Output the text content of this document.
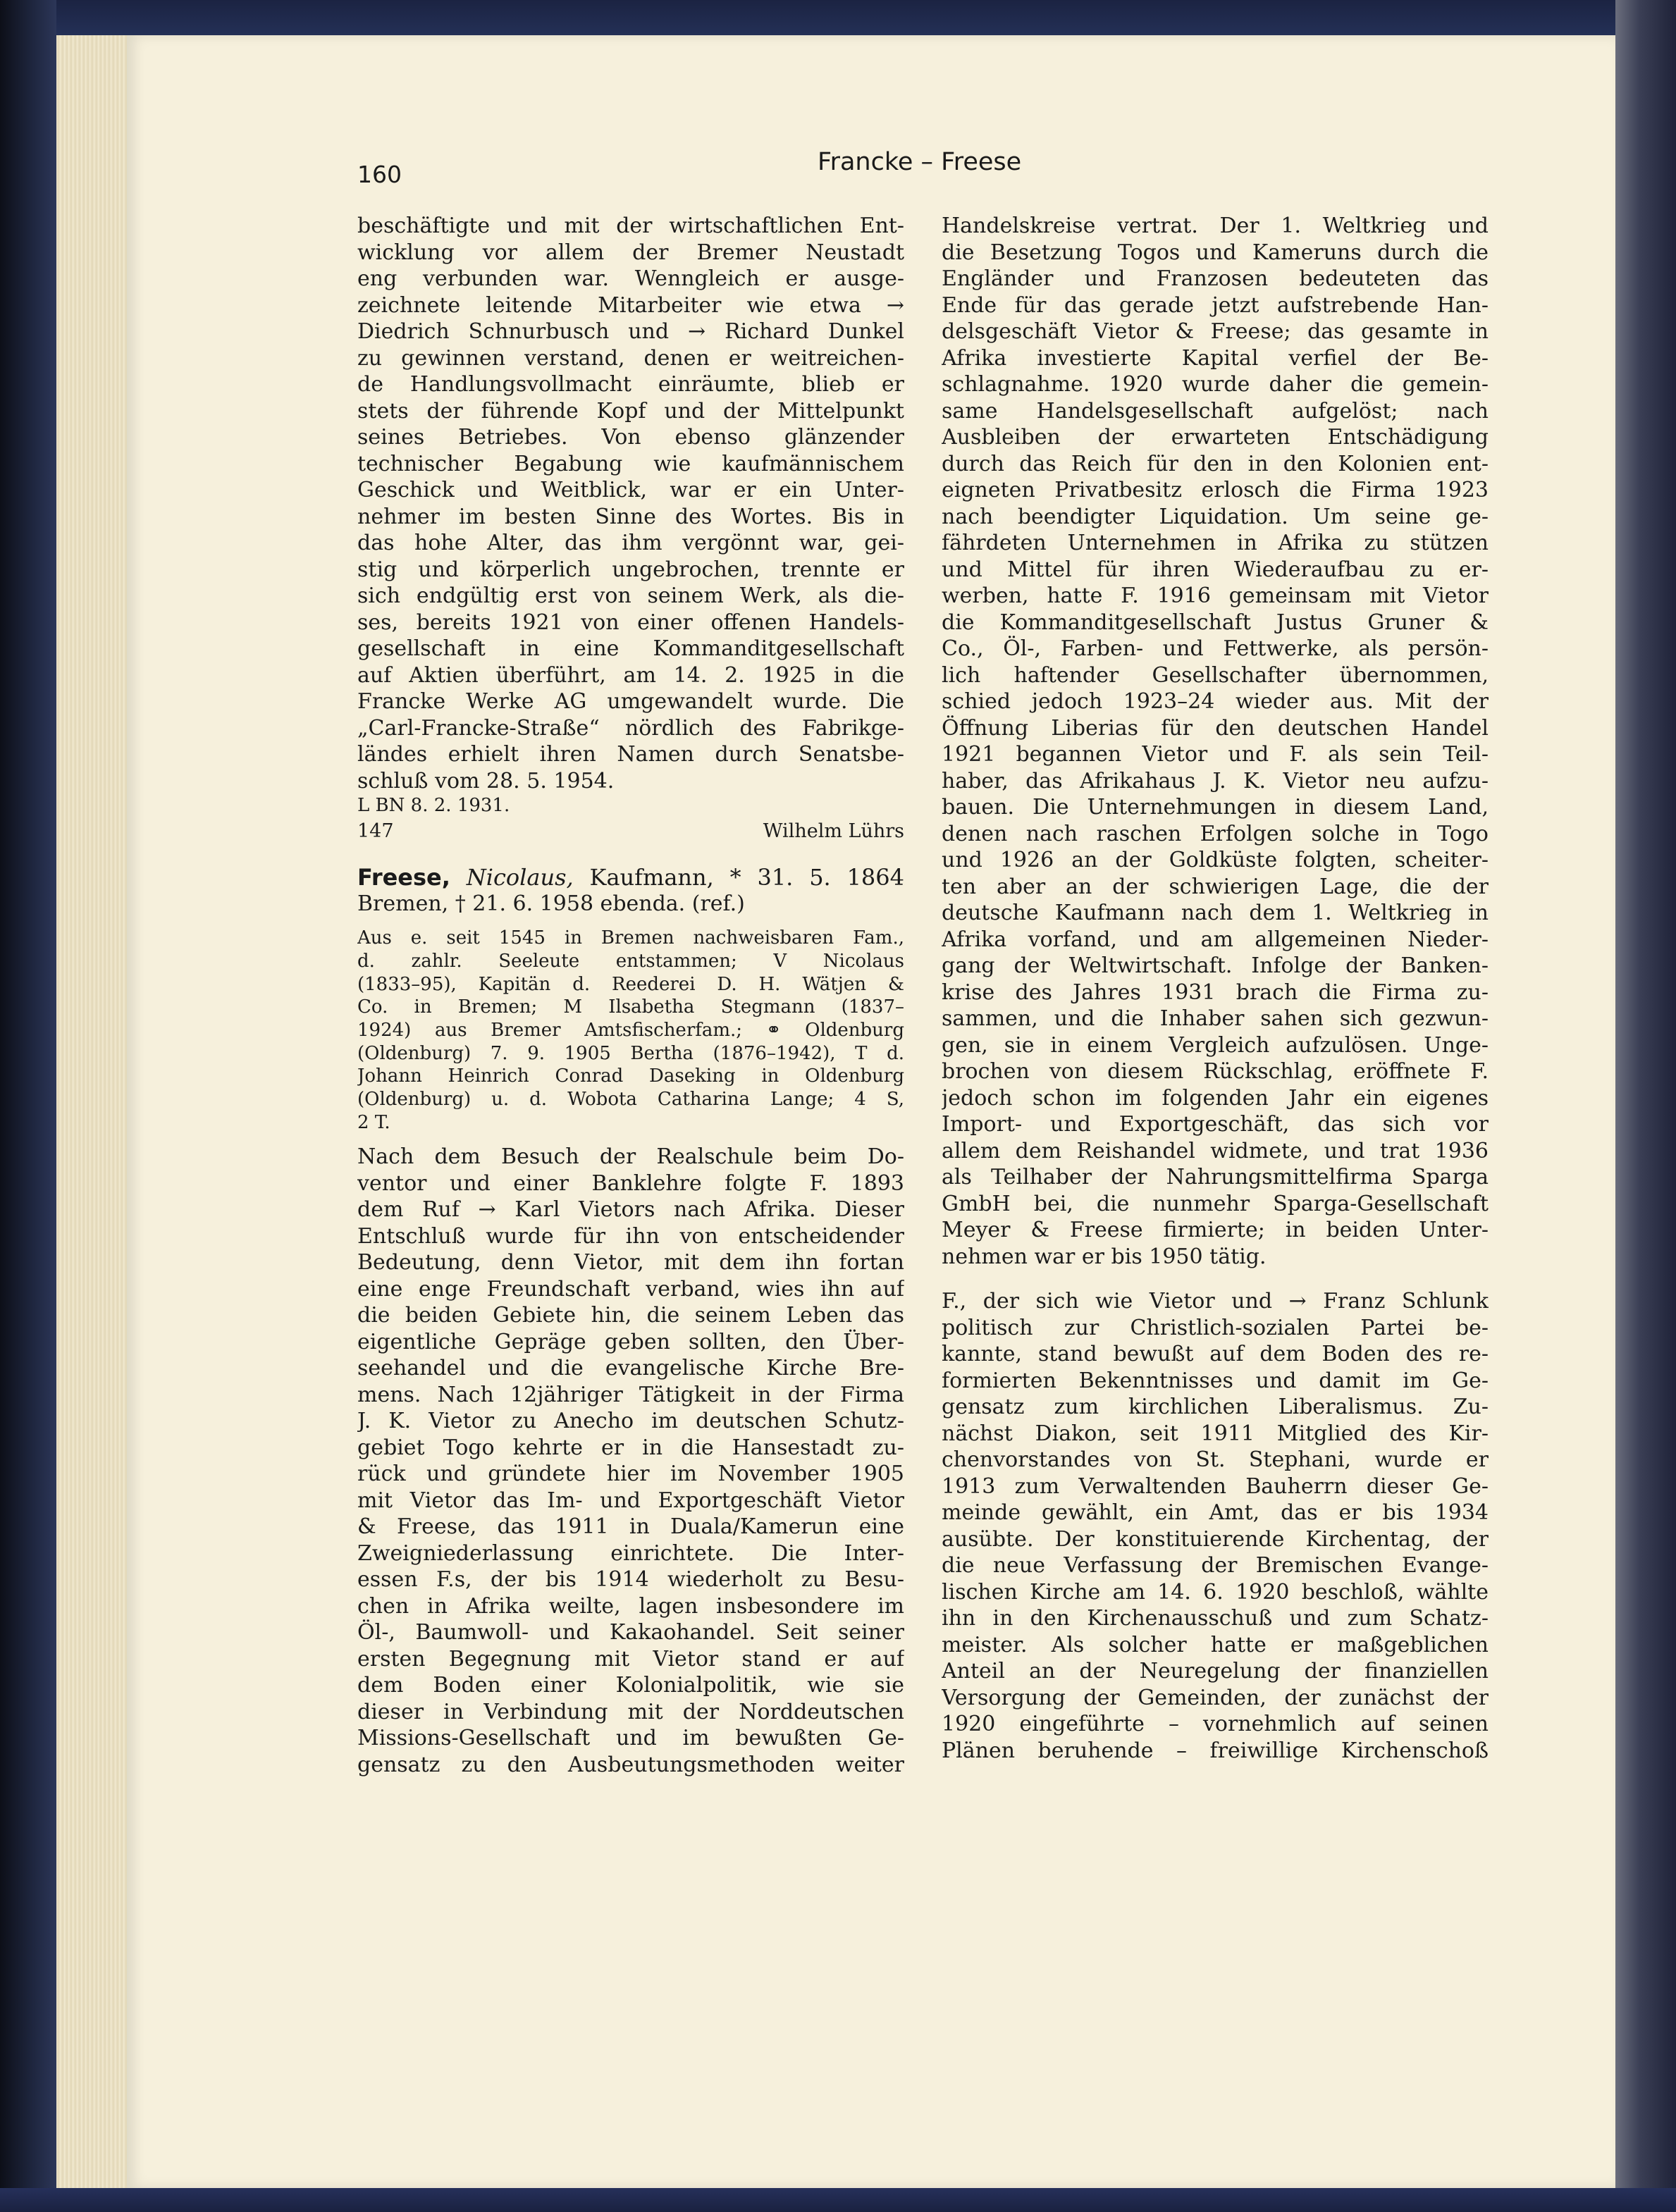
160	Francke – Freese
beschäftigte und mit der wirtschaftlichen Ent-
wicklung vor allem der Bremer Neustadt
eng verbunden war. Wenngleich er ausge-
zeichnete leitende Mitarbeiter wie etwa →
Diedrich Schnurbusch und → Richard Dunkel
zu gewinnen verstand, denen er weitreichen-
de Handlungsvollmacht einräumte, blieb er
stets der führende Kopf und der Mittelpunkt
seines Betriebes. Von ebenso glänzender
technischer Begabung wie kaufmännischem
Geschick und Weitblick, war er ein Unter-
nehmer im besten Sinne des Wortes. Bis in
das hohe Alter, das ihm vergönnt war, gei-
stig und körperlich ungebrochen, trennte er
sich endgültig erst von seinem Werk, als die-
ses, bereits 1921 von einer offenen Handels-
gesellschaft in eine Kommanditgesellschaft
auf Aktien überführt, am 14. 2. 1925 in die
Francke Werke AG umgewandelt wurde. Die
„Carl-Francke-Straße“ nördlich des Fabrikge-
ländes erhielt ihren Namen durch Senatsbe-
schluß vom 28. 5. 1954.
L BN 8. 2. 1931.
147	Wilhelm Lührs
Freese, Nicolaus, Kaufmann, * 31. 5. 1864
Bremen, † 21. 6. 1958 ebenda. (ref.)
Aus e. seit 1545 in Bremen nachweisbaren Fam.,
d. zahlr. Seeleute entstammen; V Nicolaus
(1833–95), Kapitän d. Reederei D. H. Wätjen &
Co. in Bremen; M Ilsabetha Stegmann (1837–
1924) aus Bremer Amtsfischerfam.; ⚭ Oldenburg
(Oldenburg) 7. 9. 1905 Bertha (1876–1942), T d.
Johann Heinrich Conrad Daseking in Oldenburg
(Oldenburg) u. d. Wobota Catharina Lange; 4 S,
2 T.
Nach dem Besuch der Realschule beim Do-
ventor und einer Banklehre folgte F. 1893
dem Ruf → Karl Vietors nach Afrika. Dieser
Entschluß wurde für ihn von entscheidender
Bedeutung, denn Vietor, mit dem ihn fortan
eine enge Freundschaft verband, wies ihn auf
die beiden Gebiete hin, die seinem Leben das
eigentliche Gepräge geben sollten, den Über-
seehandel und die evangelische Kirche Bre-
mens. Nach 12jähriger Tätigkeit in der Firma
J. K. Vietor zu Anecho im deutschen Schutz-
gebiet Togo kehrte er in die Hansestadt zu-
rück und gründete hier im November 1905
mit Vietor das Im- und Exportgeschäft Vietor
& Freese, das 1911 in Duala/Kamerun eine
Zweigniederlassung einrichtete. Die Inter-
essen F.s, der bis 1914 wiederholt zu Besu-
chen in Afrika weilte, lagen insbesondere im
Öl-, Baumwoll- und Kakaohandel. Seit seiner
ersten Begegnung mit Vietor stand er auf
dem Boden einer Kolonialpolitik, wie sie
dieser in Verbindung mit der Norddeutschen
Missions-Gesellschaft und im bewußten Ge-
gensatz zu den Ausbeutungsmethoden weiter
Handelskreise vertrat. Der 1. Weltkrieg und
die Besetzung Togos und Kameruns durch die
Engländer und Franzosen bedeuteten das
Ende für das gerade jetzt aufstrebende Han-
delsgeschäft Vietor & Freese; das gesamte in
Afrika investierte Kapital verfiel der Be-
schlagnahme. 1920 wurde daher die gemein-
same Handelsgesellschaft aufgelöst; nach
Ausbleiben der erwarteten Entschädigung
durch das Reich für den in den Kolonien ent-
eigneten Privatbesitz erlosch die Firma 1923
nach beendigter Liquidation. Um seine ge-
fährdeten Unternehmen in Afrika zu stützen
und Mittel für ihren Wiederaufbau zu er-
werben, hatte F. 1916 gemeinsam mit Vietor
die Kommanditgesellschaft Justus Gruner &
Co., Öl-, Farben- und Fettwerke, als persön-
lich haftender Gesellschafter übernommen,
schied jedoch 1923–24 wieder aus. Mit der
Öffnung Liberias für den deutschen Handel
1921 begannen Vietor und F. als sein Teil-
haber, das Afrikahaus J. K. Vietor neu aufzu-
bauen. Die Unternehmungen in diesem Land,
denen nach raschen Erfolgen solche in Togo
und 1926 an der Goldküste folgten, scheiter-
ten aber an der schwierigen Lage, die der
deutsche Kaufmann nach dem 1. Weltkrieg in
Afrika vorfand, und am allgemeinen Nieder-
gang der Weltwirtschaft. Infolge der Banken-
krise des Jahres 1931 brach die Firma zu-
sammen, und die Inhaber sahen sich gezwun-
gen, sie in einem Vergleich aufzulösen. Unge-
brochen von diesem Rückschlag, eröffnete F.
jedoch schon im folgenden Jahr ein eigenes
Import- und Exportgeschäft, das sich vor
allem dem Reishandel widmete, und trat 1936
als Teilhaber der Nahrungsmittelfirma Sparga
GmbH bei, die nunmehr Sparga-Gesellschaft
Meyer & Freese firmierte; in beiden Unter-
nehmen war er bis 1950 tätig.
F., der sich wie Vietor und → Franz Schlunk
politisch zur Christlich-sozialen Partei be-
kannte, stand bewußt auf dem Boden des re-
formierten Bekenntnisses und damit im Ge-
gensatz zum kirchlichen Liberalismus. Zu-
nächst Diakon, seit 1911 Mitglied des Kir-
chenvorstandes von St. Stephani, wurde er
1913 zum Verwaltenden Bauherrn dieser Ge-
meinde gewählt, ein Amt, das er bis 1934
ausübte. Der konstituierende Kirchentag, der
die neue Verfassung der Bremischen Evange-
lischen Kirche am 14. 6. 1920 beschloß, wählte
ihn in den Kirchenausschuß und zum Schatz-
meister. Als solcher hatte er maßgeblichen
Anteil an der Neuregelung der finanziellen
Versorgung der Gemeinden, der zunächst der
1920 eingeführte – vornehmlich auf seinen
Plänen beruhende – freiwillige Kirchenschoß
